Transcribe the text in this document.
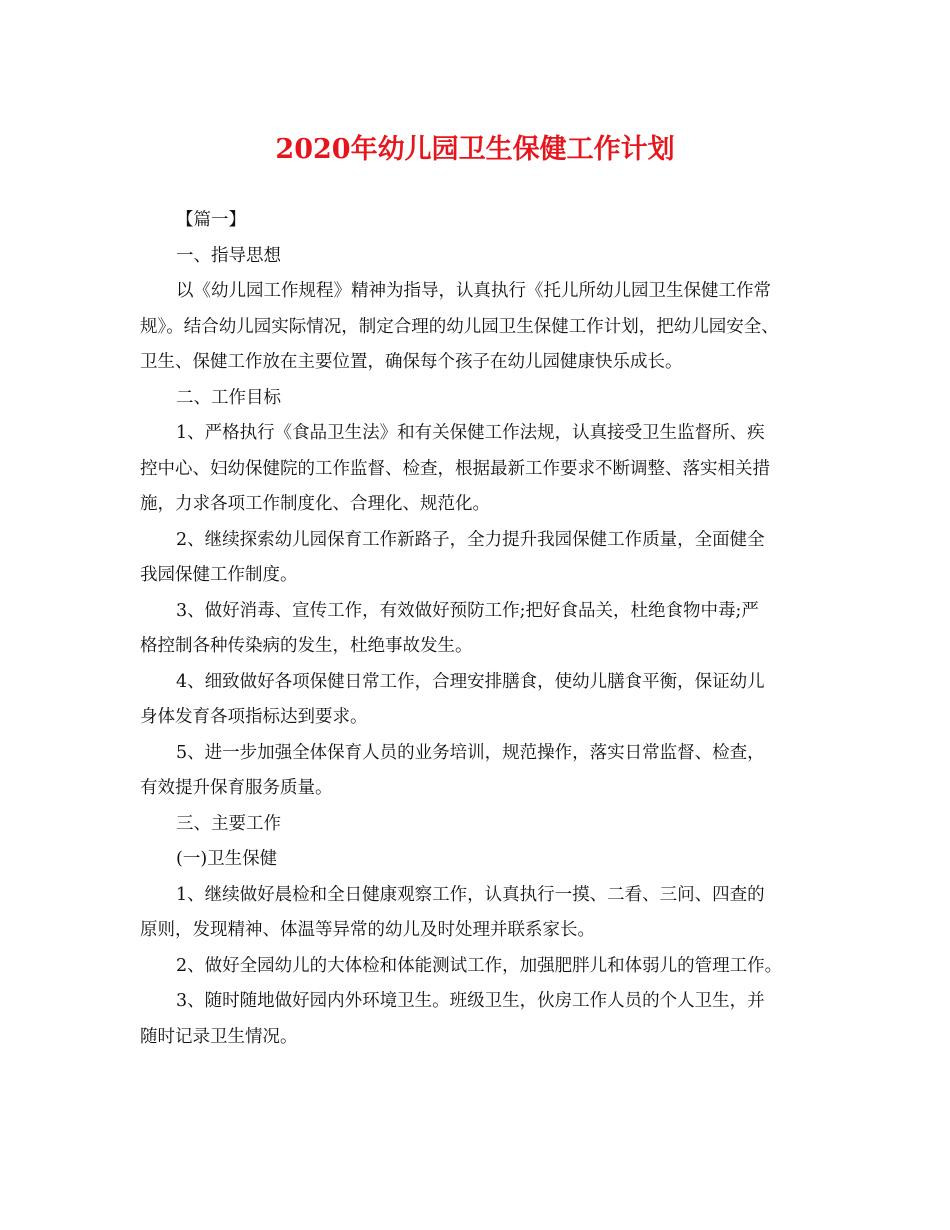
2020年幼儿园卫生保健工作计划
【篇一】
一、指导思想
以《幼儿园工作规程》精神为指导，认真执行《托儿所幼儿园卫生保健工作常
规》。结合幼儿园实际情况，制定合理的幼儿园卫生保健工作计划，把幼儿园安全、
卫生、保健工作放在主要位置，确保每个孩子在幼儿园健康快乐成长。
二、工作目标
1、严格执行《食品卫生法》和有关保健工作法规，认真接受卫生监督所、疾
控中心、妇幼保健院的工作监督、检查，根据最新工作要求不断调整、落实相关措
施，力求各项工作制度化、合理化、规范化。
2、继续探索幼儿园保育工作新路子，全力提升我园保健工作质量，全面健全
我园保健工作制度。
3、做好消毒、宣传工作，有效做好预防工作;把好食品关，杜绝食物中毒;严
格控制各种传染病的发生，杜绝事故发生。
4、细致做好各项保健日常工作，合理安排膳食，使幼儿膳食平衡，保证幼儿
身体发育各项指标达到要求。
5、进一步加强全体保育人员的业务培训，规范操作，落实日常监督、检查，
有效提升保育服务质量。
三、主要工作
(一)卫生保健
1、继续做好晨检和全日健康观察工作，认真执行一摸、二看、三问、四查的
原则，发现精神、体温等异常的幼儿及时处理并联系家长。
2、做好全园幼儿的大体检和体能测试工作，加强肥胖儿和体弱儿的管理工作。
3、随时随地做好园内外环境卫生。班级卫生，伙房工作人员的个人卫生，并
随时记录卫生情况。
